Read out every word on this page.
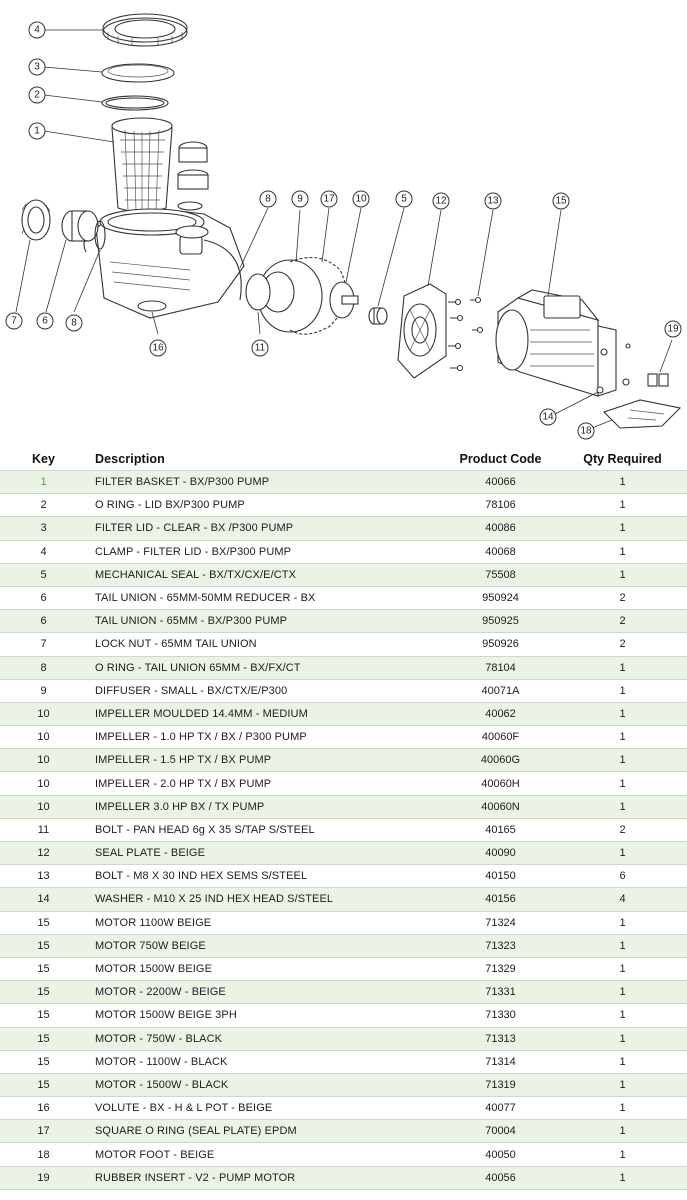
1
2
3
4
5
6
7	8
8	9	10
11
12	13
14
15
16
17
18
19
Key	Description	Product Code	Qty Required
1	FILTER BASKET - BX/P300 PUMP	40066	1
2	O RING - LID BX/P300 PUMP	78106	1
3	FILTER LID - CLEAR - BX /P300 PUMP	40086	1
4	CLAMP - FILTER LID - BX/P300 PUMP	40068	1
5	MECHANICAL SEAL - BX/TX/CX/E/CTX	75508	1
6	TAIL UNION - 65MM-50MM REDUCER - BX	950924	2
6	TAIL UNION - 65MM - BX/P300 PUMP	950925	2
7	LOCK NUT - 65MM TAIL UNION	950926	2
8	O RING - TAIL UNION 65MM - BX/FX/CT	78104	1
9	DIFFUSER - SMALL - BX/CTX/E/P300	40071A	1
10	IMPELLER MOULDED 14.4MM - MEDIUM	40062	1
10	IMPELLER - 1.0 HP TX / BX / P300 PUMP	40060F	1
10	IMPELLER - 1.5 HP TX / BX PUMP	40060G	1
10	IMPELLER - 2.0 HP TX / BX PUMP	40060H	1
10	IMPELLER 3.0 HP BX / TX PUMP	40060N	1
11	BOLT - PAN HEAD 6g X 35 S/TAP S/STEEL	40165	2
12	SEAL PLATE - BEIGE	40090	1
13	BOLT - M8 X 30 IND HEX SEMS S/STEEL	40150	6
14	WASHER - M10 X 25 IND HEX HEAD S/STEEL	40156	4
15	MOTOR 1100W BEIGE	71324	1
15	MOTOR 750W BEIGE	71323	1
15	MOTOR 1500W BEIGE	71329	1
15	MOTOR - 2200W - BEIGE	71331	1
15	MOTOR 1500W BEIGE 3PH	71330	1
15	MOTOR - 750W - BLACK	71313	1
15	MOTOR - 1100W - BLACK	71314	1
15	MOTOR - 1500W - BLACK	71319	1
16	VOLUTE - BX - H & L POT - BEIGE	40077	1
17	SQUARE O RING (SEAL PLATE) EPDM	70004	1
18	MOTOR FOOT - BEIGE	40050	1
19	RUBBER INSERT - V2 - PUMP MOTOR	40056	1
